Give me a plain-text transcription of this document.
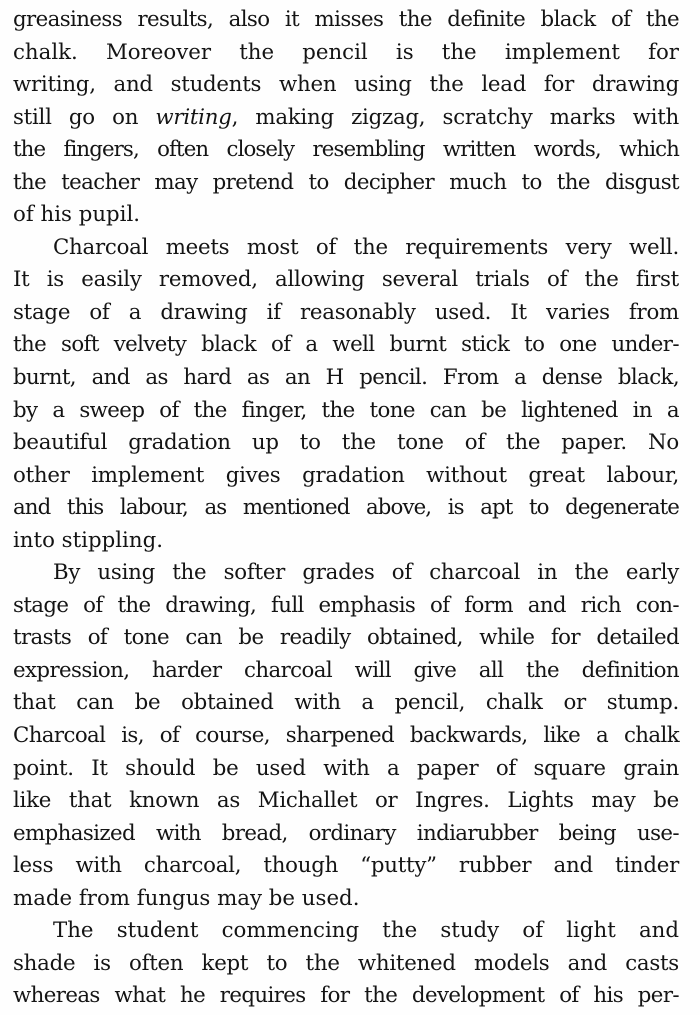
greasiness results, also it misses the definite black of the
chalk. Moreover the pencil is the implement for
writing, and students when using the lead for drawing
still go on writing, making zigzag, scratchy marks with
the fingers, often closely resembling written words, which
the teacher may pretend to decipher much to the disgust
of his pupil.
Charcoal meets most of the requirements very well.
It is easily removed, allowing several trials of the first
stage of a drawing if reasonably used. It varies from
the soft velvety black of a well burnt stick to one under-
burnt, and as hard as an H pencil. From a dense black,
by a sweep of the finger, the tone can be lightened in a
beautiful gradation up to the tone of the paper. No
other implement gives gradation without great labour,
and this labour, as mentioned above, is apt to degenerate
into stippling.
By using the softer grades of charcoal in the early
stage of the drawing, full emphasis of form and rich con-
trasts of tone can be readily obtained, while for detailed
expression, harder charcoal will give all the definition
that can be obtained with a pencil, chalk or stump.
Charcoal is, of course, sharpened backwards, like a chalk
point. It should be used with a paper of square grain
like that known as Michallet or Ingres. Lights may be
emphasized with bread, ordinary indiarubber being use-
less with charcoal, though “putty” rubber and tinder
made from fungus may be used.
The student commencing the study of light and
shade is often kept to the whitened models and casts
whereas what he requires for the development of his per-
